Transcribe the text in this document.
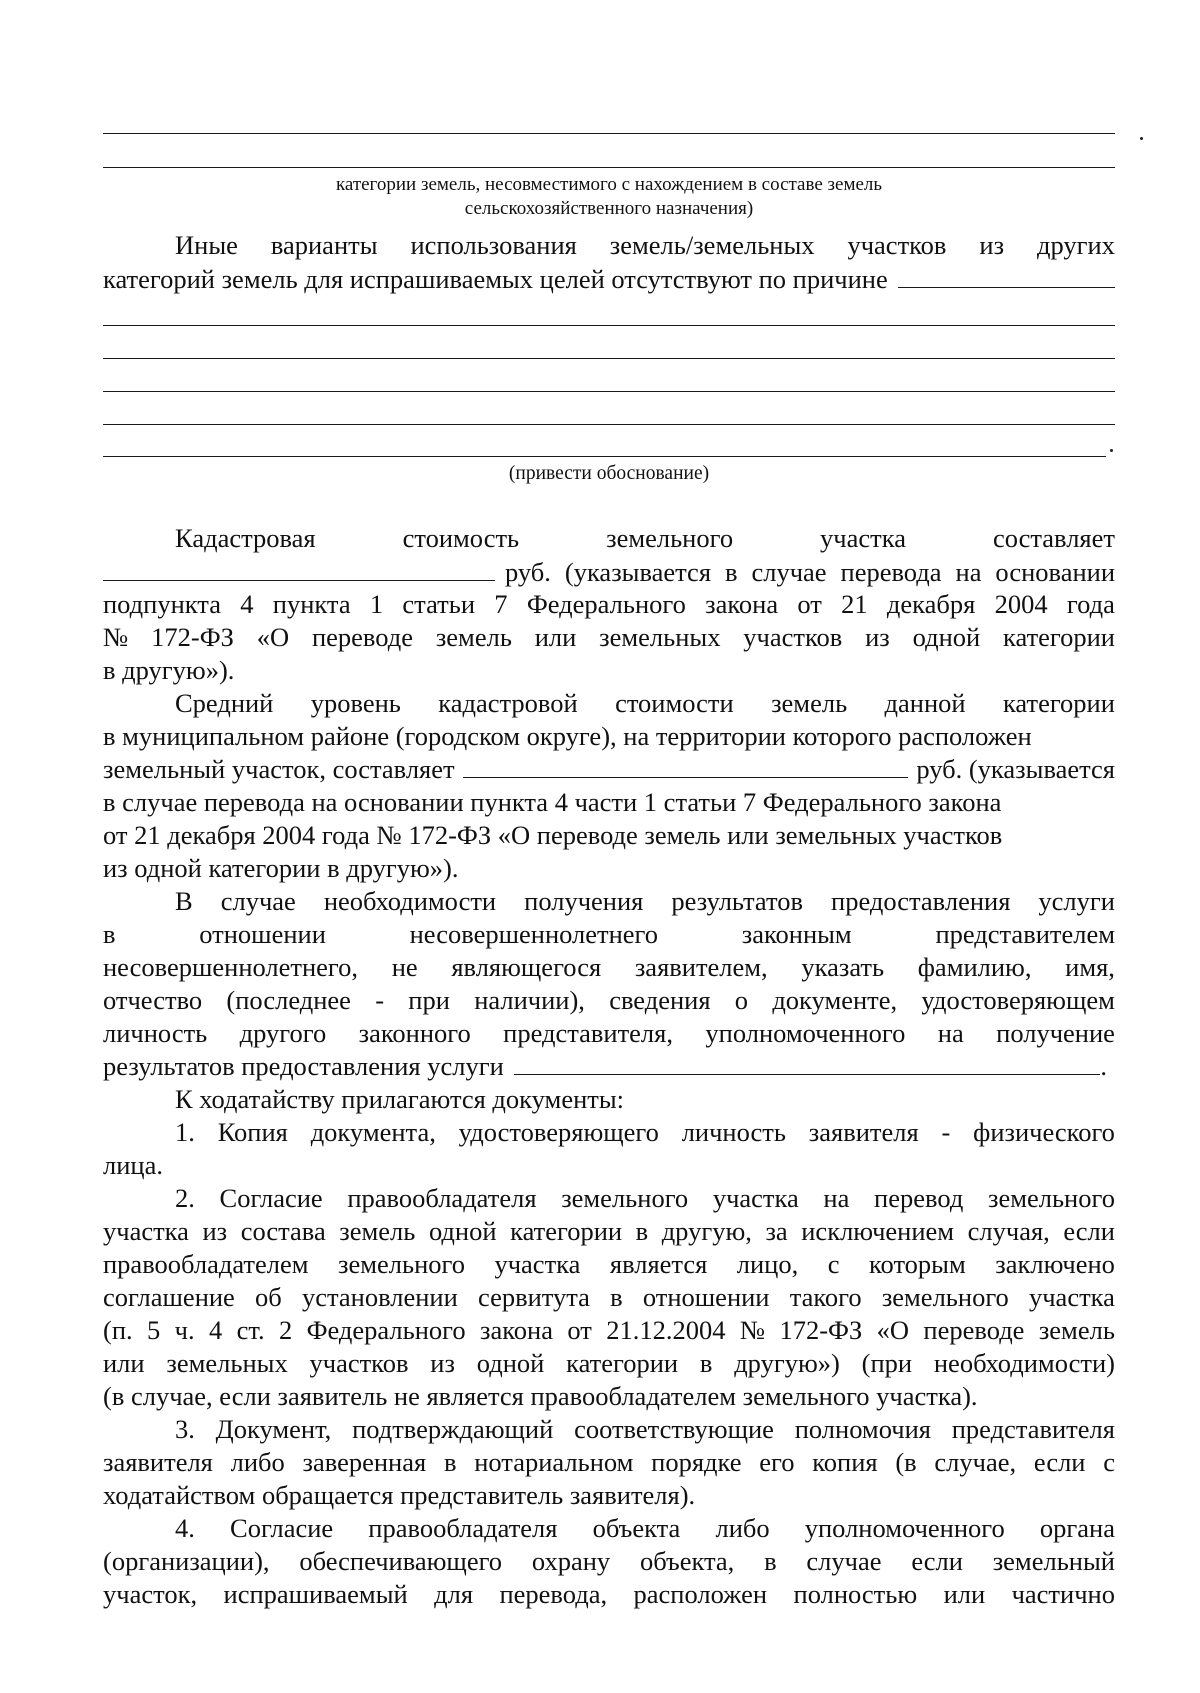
категории земель, несовместимого с нахождением в составе земель
сельскохозяйственного назначения)
Иные варианты использования земель/земельных участков из других
категорий земель для испрашиваемых целей отсутствуют по причине
(привести обоснование)
Кадастровая	стоимость	земельного	участка	составляет
руб. (указывается в случае перевода на основании
подпункта 4 пункта 1 статьи 7 Федерального закона от 21 декабря 2004 года
№ 172-ФЗ «О переводе земель или земельных участков из одной категории
в другую»).
Средний уровень кадастровой стоимости земель данной категории
в муниципальном районе (городском округе), на территории которого расположен
земельный участок, составляет	руб. (указывается
в случае перевода на основании пункта 4 части 1 статьи 7 Федерального закона
от 21 декабря 2004 года № 172-ФЗ «О переводе земель или земельных участков
из одной категории в другую»).
В случае необходимости получения результатов предоставления услуги
в	отношении	несовершеннолетнего	законным	представителем
несовершеннолетнего, не являющегося заявителем, указать фамилию, имя,
отчество (последнее - при наличии), сведения о документе, удостоверяющем
личность другого законного представителя, уполномоченного на получение
результатов предоставления услуги	.
К ходатайству прилагаются документы:
1. Копия документа, удостоверяющего личность заявителя - физического
лица.
2. Согласие правообладателя земельного участка на перевод земельного
участка из состава земель одной категории в другую, за исключением случая, если
правообладателем земельного участка является лицо, с которым заключено
соглашение об установлении сервитута в отношении такого земельного участка
(п. 5 ч. 4 ст. 2 Федерального закона от 21.12.2004 № 172-ФЗ «О переводе земель
или земельных участков из одной категории в другую») (при необходимости)
(в случае, если заявитель не является правообладателем земельного участка).
3. Документ, подтверждающий соответствующие полномочия представителя
заявителя либо заверенная в нотариальном порядке его копия (в случае, если с
ходатайством обращается представитель заявителя).
4. Согласие правообладателя объекта либо уполномоченного органа
(организации), обеспечивающего охрану объекта, в случае если земельный
участок, испрашиваемый для перевода, расположен полностью или частично
